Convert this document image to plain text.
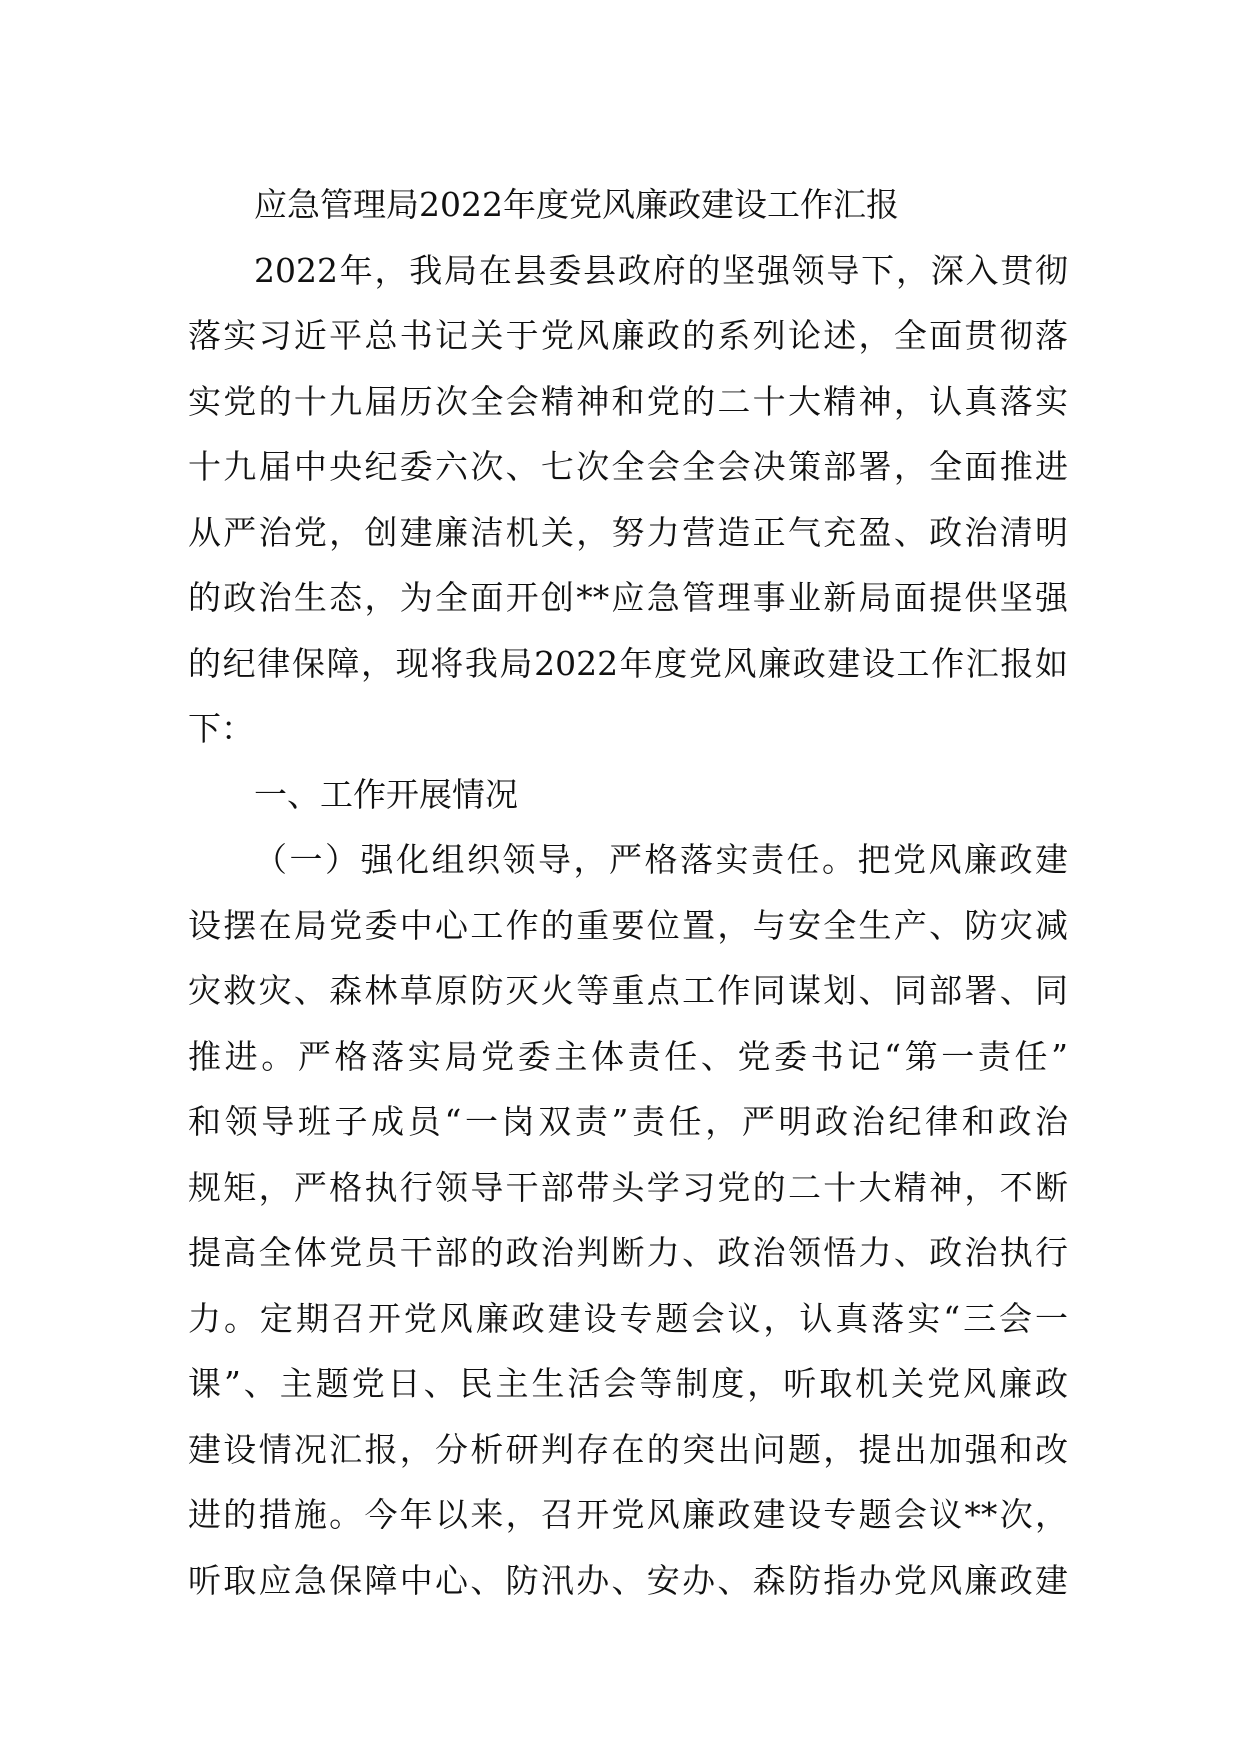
应急管理局2022年度党风廉政建设工作汇报
2022年，我局在县委县政府的坚强领导下，深入贯彻
落实习近平总书记关于党风廉政的系列论述，全面贯彻落
实党的十九届历次全会精神和党的二十大精神，认真落实
十九届中央纪委六次、七次全会全会决策部署，全面推进
从严治党，创建廉洁机关，努力营造正气充盈、政治清明
的政治生态，为全面开创**应急管理事业新局面提供坚强
的纪律保障，现将我局2022年度党风廉政建设工作汇报如
下：
一、工作开展情况
（一）强化组织领导，严格落实责任。把党风廉政建
设摆在局党委中心工作的重要位置，与安全生产、防灾减
灾救灾、森林草原防灭火等重点工作同谋划、同部署、同
推进。严格落实局党委主体责任、党委书记“第一责任”
和领导班子成员“一岗双责”责任，严明政治纪律和政治
规矩，严格执行领导干部带头学习党的二十大精神，不断
提高全体党员干部的政治判断力、政治领悟力、政治执行
力。定期召开党风廉政建设专题会议，认真落实“三会一
课”、主题党日、民主生活会等制度，听取机关党风廉政
建设情况汇报，分析研判存在的突出问题，提出加强和改
进的措施。今年以来，召开党风廉政建设专题会议**次，
听取应急保障中心、防汛办、安办、森防指办党风廉政建
